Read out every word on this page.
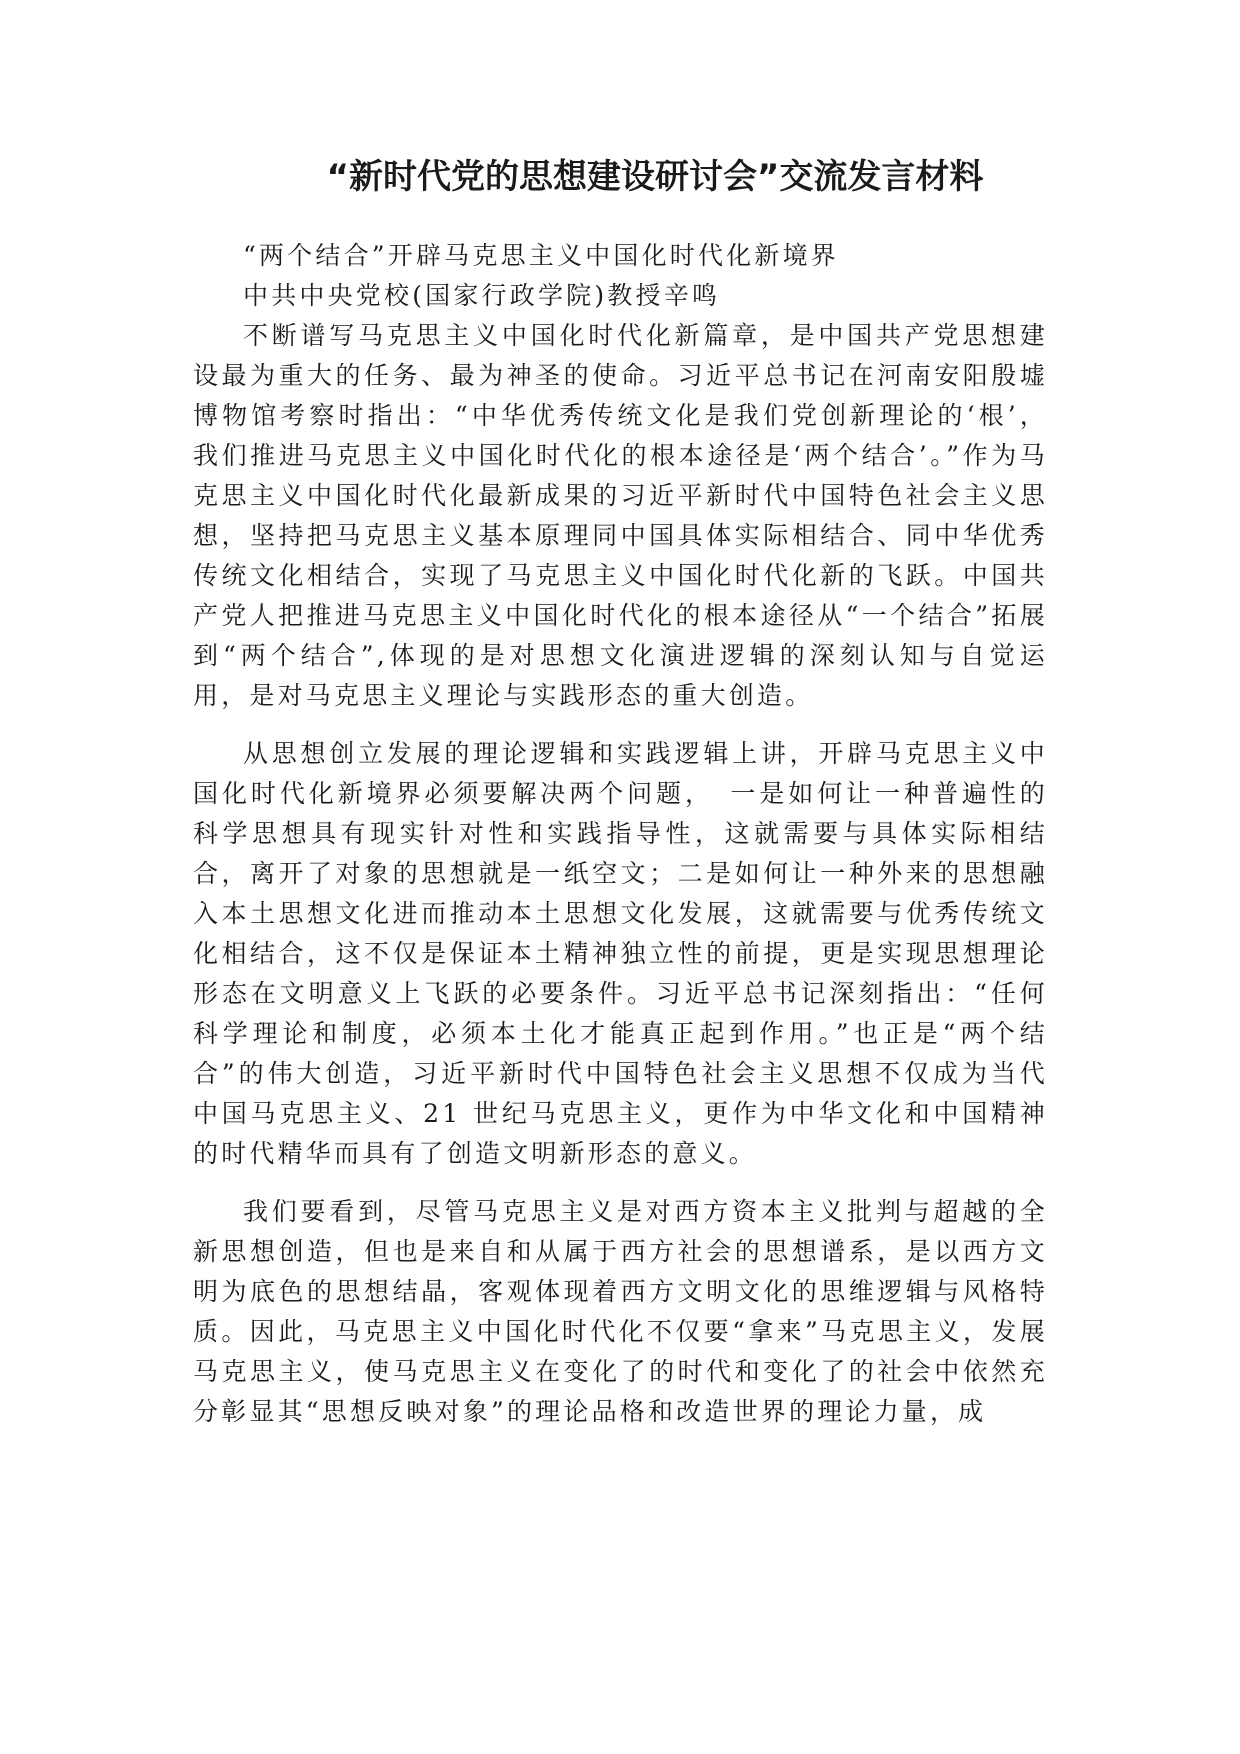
“新时代党的思想建设研讨会”交流发言材料

“两个结合”开辟马克思主义中国化时代化新境界

中共中央党校(国家行政学院)教授辛鸣

不断谱写马克思主义中国化时代化新篇章，是中国共产党思想建设最为重大的任务、最为神圣的使命。习近平总书记在河南安阳殷墟博物馆考察时指出：“中华优秀传统文化是我们党创新理论的‘根’，我们推进马克思主义中国化时代化的根本途径是‘两个结合’。”作为马克思主义中国化时代化最新成果的习近平新时代中国特色社会主义思想，坚持把马克思主义基本原理同中国具体实际相结合、同中华优秀传统文化相结合，实现了马克思主义中国化时代化新的飞跃。中国共产党人把推进马克思主义中国化时代化的根本途径从“一个结合”拓展到“两个结合”,体现的是对思想文化演进逻辑的深刻认知与自觉运用，是对马克思主义理论与实践形态的重大创造。

从思想创立发展的理论逻辑和实践逻辑上讲，开辟马克思主义中国化时代化新境界必须要解决两个问题，　一是如何让一种普遍性的科学思想具有现实针对性和实践指导性，这就需要与具体实际相结合，离开了对象的思想就是一纸空文；二是如何让一种外来的思想融入本土思想文化进而推动本土思想文化发展，这就需要与优秀传统文化相结合，这不仅是保证本土精神独立性的前提，更是实现思想理论形态在文明意义上飞跃的必要条件。习近平总书记深刻指出：“任何科学理论和制度，必须本土化才能真正起到作用。”也正是“两个结合”的伟大创造，习近平新时代中国特色社会主义思想不仅成为当代中国马克思主义、21 世纪马克思主义，更作为中华文化和中国精神的时代精华而具有了创造文明新形态的意义。

我们要看到，尽管马克思主义是对西方资本主义批判与超越的全新思想创造，但也是来自和从属于西方社会的思想谱系，是以西方文明为底色的思想结晶，客观体现着西方文明文化的思维逻辑与风格特质。因此，马克思主义中国化时代化不仅要“拿来”马克思主义，发展马克思主义，使马克思主义在变化了的时代和变化了的社会中依然充分彰显其“思想反映对象”的理论品格和改造世界的理论力量，成
